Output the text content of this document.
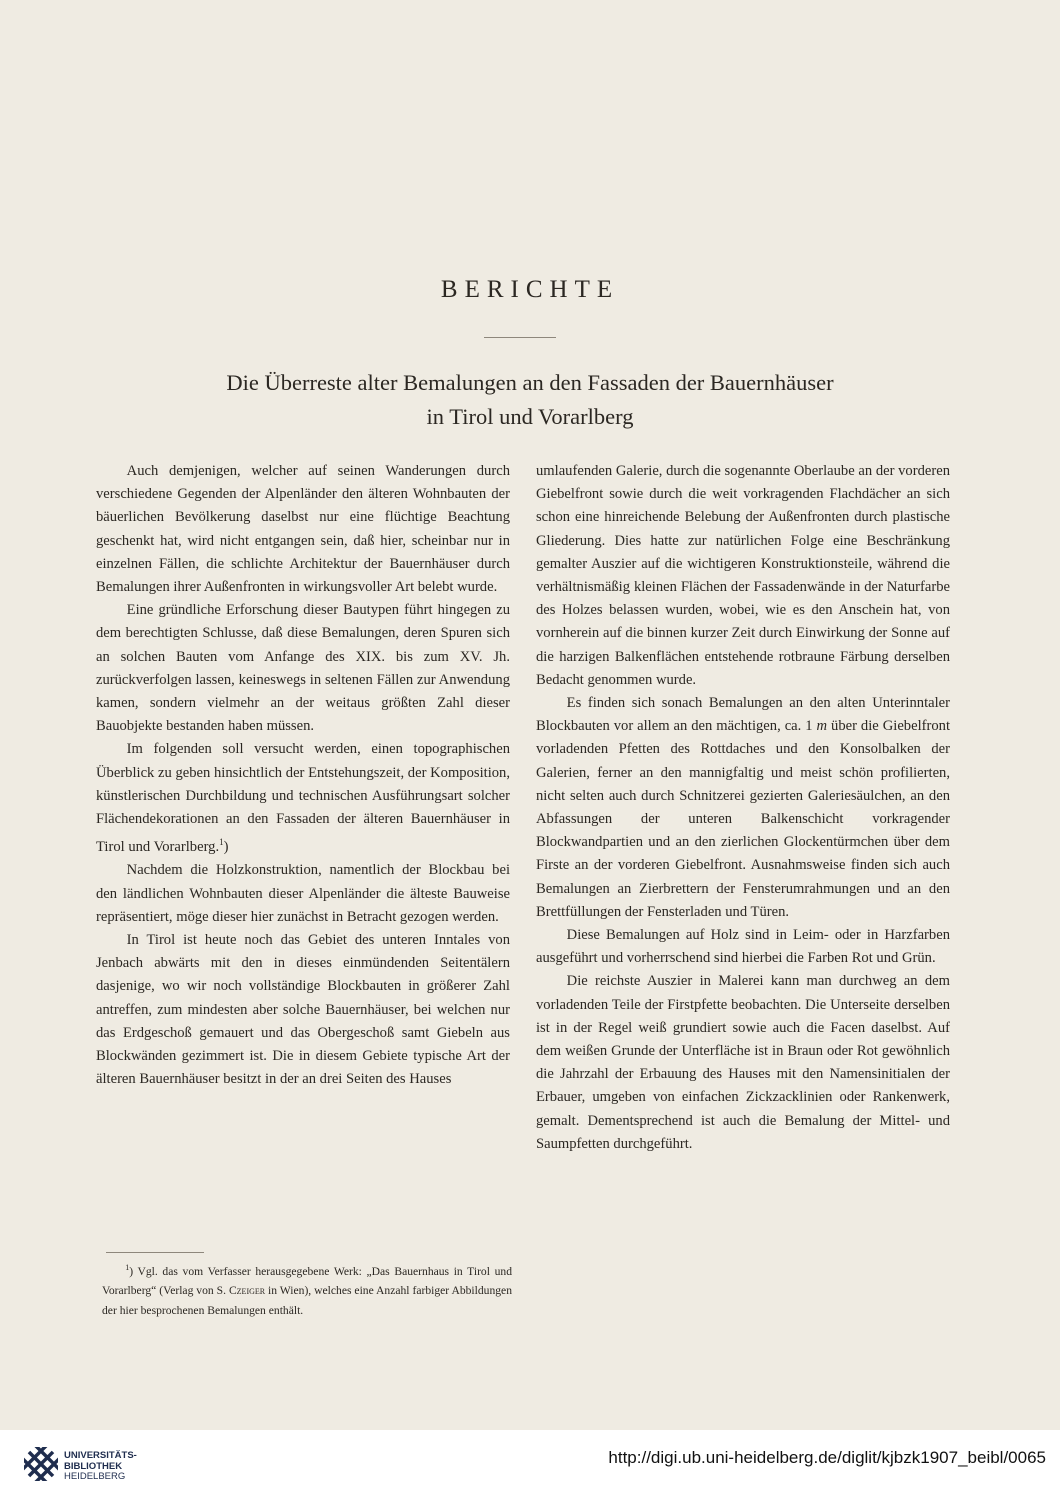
BERICHTE
Die Überreste alter Bemalungen an den Fassaden der Bauernhäuser
in Tirol und Vorarlberg

Auch demjenigen, welcher auf seinen Wanderungen durch verschiedene Gegenden der Alpenländer den älteren Wohnbauten der bäuerlichen Bevölkerung daselbst nur eine flüchtige Beachtung geschenkt hat, wird nicht entgangen sein, daß hier, scheinbar nur in einzelnen Fällen, die schlichte Architektur der Bauernhäuser durch Bemalungen ihrer Außenfronten in wirkungsvoller Art belebt wurde.

Eine gründliche Erforschung dieser Bautypen führt hingegen zu dem berechtigten Schlusse, daß diese Bemalungen, deren Spuren sich an solchen Bauten vom Anfange des XIX. bis zum XV. Jh. zurückverfolgen lassen, keineswegs in seltenen Fällen zur Anwendung kamen, sondern vielmehr an der weitaus größten Zahl dieser Bauobjekte bestanden haben müssen.

Im folgenden soll versucht werden, einen topographischen Überblick zu geben hinsichtlich der Entstehungszeit, der Komposition, künstlerischen Durchbildung und technischen Ausführungsart solcher Flächendekorationen an den Fassaden der älteren Bauernhäuser in Tirol und Vorarlberg.$^1$)

Nachdem die Holzkonstruktion, namentlich der Blockbau bei den ländlichen Wohnbauten dieser Alpenländer die älteste Bauweise repräsentiert, möge dieser hier zunächst in Betracht gezogen werden.

In Tirol ist heute noch das Gebiet des unteren Inntales von Jenbach abwärts mit den in dieses einmündenden Seitentälern dasjenige, wo wir noch vollständige Blockbauten in größerer Zahl antreffen, zum mindesten aber solche Bauernhäuser, bei welchen nur das Erdgeschoß gemauert und das Obergeschoß samt Giebeln aus Blockwänden gezimmert ist. Die in diesem Gebiete typische Art der älteren Bauernhäuser besitzt in der an drei Seiten des Hauses

$^1$) Vgl. das vom Verfasser herausgegebene Werk: „Das Bauernhaus in Tirol und Vorarlberg“ (Verlag von S. Czeiger in Wien), welches eine Anzahl farbiger Abbildungen der hier besprochenen Bemalungen enthält.

umlaufenden Galerie, durch die sogenannte Oberlaube an der vorderen Giebelfront sowie durch die weit vorkragenden Flachdächer an sich schon eine hinreichende Belebung der Außenfronten durch plastische Gliederung. Dies hatte zur natürlichen Folge eine Beschränkung gemalter Auszier auf die wichtigeren Konstruktionsteile, während die verhältnismäßig kleinen Flächen der Fassadenwände in der Naturfarbe des Holzes belassen wurden, wobei, wie es den Anschein hat, von vornherein auf die binnen kurzer Zeit durch Einwirkung der Sonne auf die harzigen Balkenflächen entstehende rotbraune Färbung derselben Bedacht genommen wurde.

Es finden sich sonach Bemalungen an den alten Unterinntaler Blockbauten vor allem an den mächtigen, ca. 1 m über die Giebelfront vorladenden Pfetten des Rottdaches und den Konsolbalken der Galerien, ferner an den mannigfaltig und meist schön profilierten, nicht selten auch durch Schnitzerei gezierten Galeriesäulchen, an den Abfassungen der unteren Balkenschicht vorkragender Blockwandpartien und an den zierlichen Glockentürmchen über dem Firste an der vorderen Giebelfront. Ausnahmsweise finden sich auch Bemalungen an Zierbrettern der Fensterumrahmungen und an den Brettfüllungen der Fensterladen und Türen.

Diese Bemalungen auf Holz sind in Leim- oder in Harzfarben ausgeführt und vorherrschend sind hierbei die Farben Rot und Grün.

Die reichste Auszier in Malerei kann man durchweg an dem vorladenden Teile der Firstpfette beobachten. Die Unterseite derselben ist in der Regel weiß grundiert sowie auch die Facen daselbst. Auf dem weißen Grunde der Unterfläche ist in Braun oder Rot gewöhnlich die Jahrzahl der Erbauung des Hauses mit den Namensinitialen der Erbauer, umgeben von einfachen Zickzacklinien oder Rankenwerk, gemalt. Dementsprechend ist auch die Bemalung der Mittel- und Saumpfetten durchgeführt.

UNIVERSITÄTS-
BIBLIOTHEK
HEIDELBERG
http://digi.ub.uni-heidelberg.de/diglit/kjbzk1907_beibl/0065
